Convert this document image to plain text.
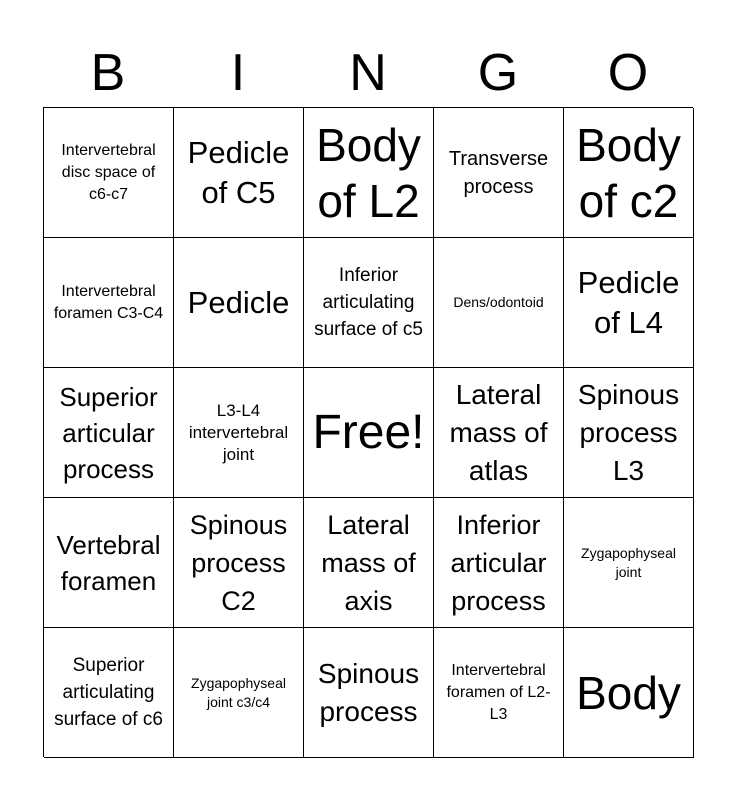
B	I	N	G	O
Intervertebral disc space of c6-c7
Pedicle of C5
Body of L2
Transverse process
Body of c2
Intervertebral foramen C3-C4 Pedicle
Inferior articulating surface of c5
Dens/odontoid
Pedicle of L4
Superior articular process
L3-L4 intervertebral joint	Free!
Lateral mass of atlas
Spinous process L3
Vertebral foramen
Spinous process C2
Lateral mass of axis
Inferior articular process
Zygapophyseal joint
Superior articulating surface of c6
Zygapophyseal joint c3/c4
Spinous process
Intervertebral foramen of L2-L3	Body
